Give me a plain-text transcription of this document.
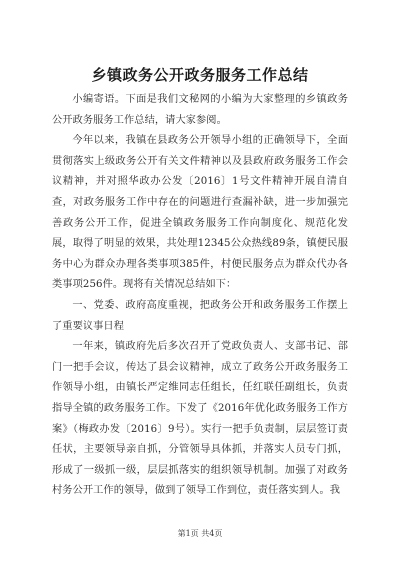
乡镇政务公开政务服务工作总结

小编寄语。下面是我们文秘网的小编为大家整理的乡镇政务公开政务服务工作总结，请大家参阅。

今年以来，我镇在县政务公开领导小组的正确领导下，全面贯彻落实上级政务公开有关文件精神以及县政府政务服务工作会议精神，并对照华政办公发〔2016〕1号文件精神开展自清自查，对政务服务工作中存在的问题进行查漏补缺，进一步加强完善政务公开工作，促进全镇政务服务工作向制度化、规范化发展，取得了明显的效果，共处理12345公众热线89条，镇便民服务中心为群众办理各类事项385件，村便民服务点为群众代办各类事项256件。现将有关情况总结如下：

一、党委、政府高度重视，把政务公开和政务服务工作摆上了重要议事日程

一年来，镇政府先后多次召开了党政负责人、支部书记、部门一把手会议，传达了县会议精神，成立了政务公开政务服务工作领导小组，由镇长严定维同志任组长，任红联任副组长，负责指导全镇的政务服务工作。下发了《2016年优化政务服务工作方案》（梅政办发〔2016〕9号）。实行一把手负责制，层层签订责任状，主要领导亲自抓，分管领导具体抓，并落实人员专门抓，形成了一级抓一级，层层抓落实的组织领导机制。加强了对政务村务公开工作的领导，做到了领导工作到位，责任落实到人。我

第1页 共4页
